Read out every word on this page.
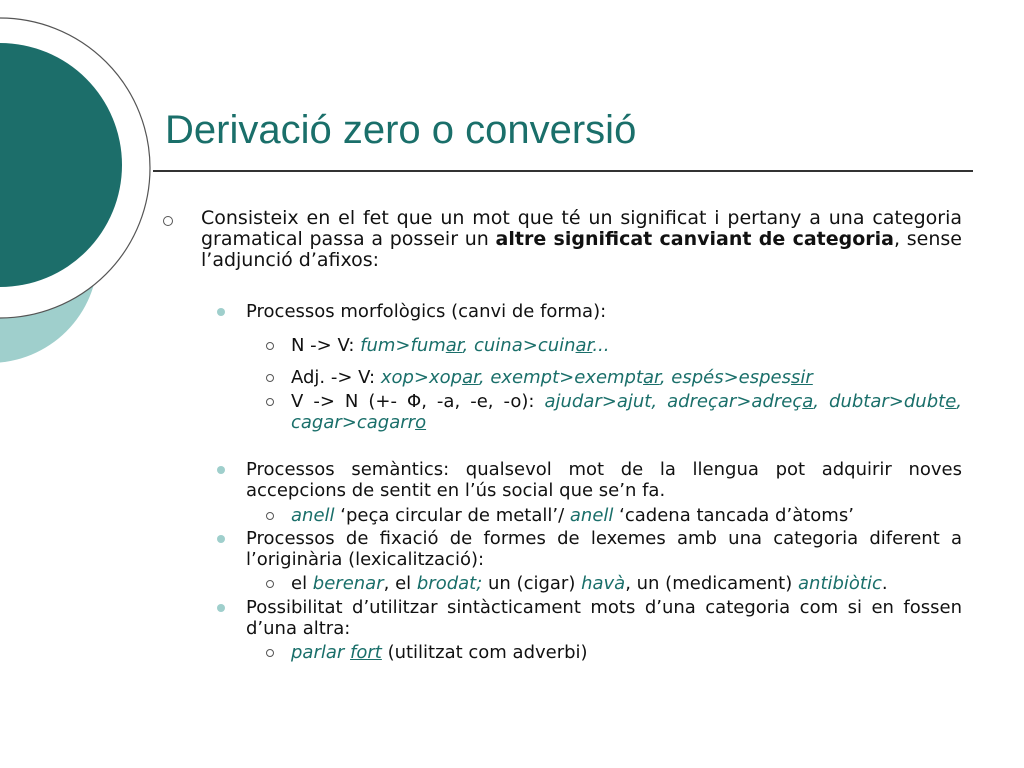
Derivació zero o conversió
Consisteix en el fet que un mot que té un significat i pertany a una categoria gramatical passa a posseir un altre significat canviant de categoria, sense l’adjunció d’afixos:
Processos morfològics (canvi de forma):
N -> V: fum>fumar, cuina>cuinar...
Adj. -> V: xop>xopar, exempt>exemptar, espés>espessir
V -> N (+- Φ, -a, -e, -o): ajudar>ajut, adreçar>adreça, dubtar>dubte, cagar>cagarro
Processos semàntics: qualsevol mot de la llengua pot adquirir noves accepcions de sentit en l’ús social que se’n fa.
anell ‘peça circular de metall’/ anell ‘cadena tancada d’àtoms’
Processos de fixació de formes de lexemes amb una categoria diferent a l’originària (lexicalització):
el berenar, el brodat; un (cigar) havà, un (medicament) antibiòtic.
Possibilitat d’utilitzar sintàcticament mots d’una categoria com si en fossen d’una altra:
parlar fort (utilitzat com adverbi)
